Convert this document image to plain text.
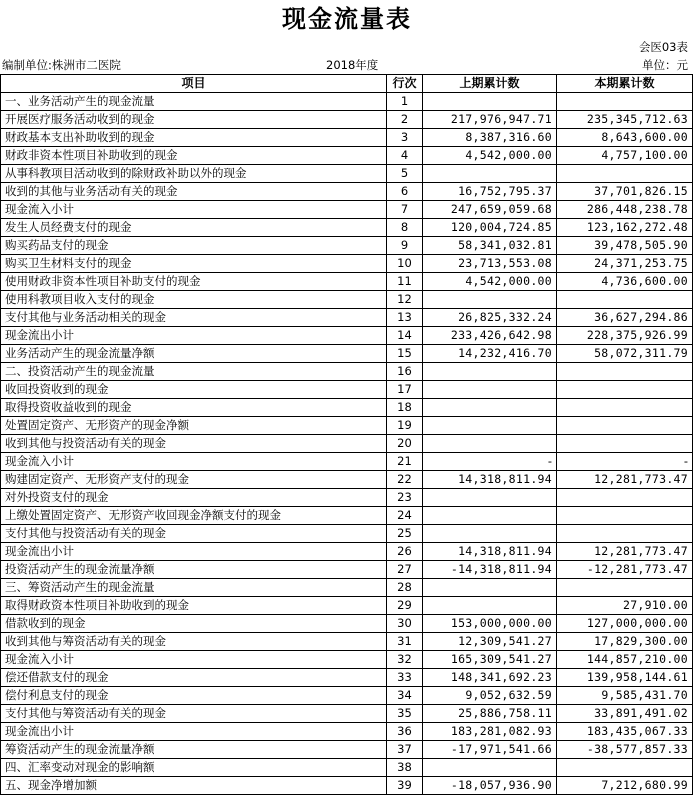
现金流量表
会医03表
编制单位:株洲市二医院	2018年度	单位：元
项目	行次	上期累计数	本期累计数
一、业务活动产生的现金流量	1		
开展医疗服务活动收到的现金	2	217,976,947.71	235,345,712.63
财政基本支出补助收到的现金	3	8,387,316.60	8,643,600.00
财政非资本性项目补助收到的现金	4	4,542,000.00	4,757,100.00
从事科教项目活动收到的除财政补助以外的现金	5		
收到的其他与业务活动有关的现金	6	16,752,795.37	37,701,826.15
现金流入小计	7	247,659,059.68	286,448,238.78
发生人员经费支付的现金	8	120,004,724.85	123,162,272.48
购买药品支付的现金	9	58,341,032.81	39,478,505.90
购买卫生材料支付的现金	10	23,713,553.08	24,371,253.75
使用财政非资本性项目补助支付的现金	11	4,542,000.00	4,736,600.00
使用科教项目收入支付的现金	12		
支付其他与业务活动相关的现金	13	26,825,332.24	36,627,294.86
现金流出小计	14	233,426,642.98	228,375,926.99
业务活动产生的现金流量净额	15	14,232,416.70	58,072,311.79
二、投资活动产生的现金流量	16		
收回投资收到的现金	17		
取得投资收益收到的现金	18		
处置固定资产、无形资产的现金净额	19		
收到其他与投资活动有关的现金	20		
现金流入小计	21	-	-
购建固定资产、无形资产支付的现金	22	14,318,811.94	12,281,773.47
对外投资支付的现金	23		
上缴处置固定资产、无形资产收回现金净额支付的现金	24		
支付其他与投资活动有关的现金	25		
现金流出小计	26	14,318,811.94	12,281,773.47
投资活动产生的现金流量净额	27	-14,318,811.94	-12,281,773.47
三、筹资活动产生的现金流量	28		
取得财政资本性项目补助收到的现金	29		27,910.00
借款收到的现金	30	153,000,000.00	127,000,000.00
收到其他与筹资活动有关的现金	31	12,309,541.27	17,829,300.00
现金流入小计	32	165,309,541.27	144,857,210.00
偿还借款支付的现金	33	148,341,692.23	139,958,144.61
偿付利息支付的现金	34	9,052,632.59	9,585,431.70
支付其他与筹资活动有关的现金	35	25,886,758.11	33,891,491.02
现金流出小计	36	183,281,082.93	183,435,067.33
筹资活动产生的现金流量净额	37	-17,971,541.66	-38,577,857.33
四、汇率变动对现金的影响额	38		
五、现金净增加额	39	-18,057,936.90	7,212,680.99
